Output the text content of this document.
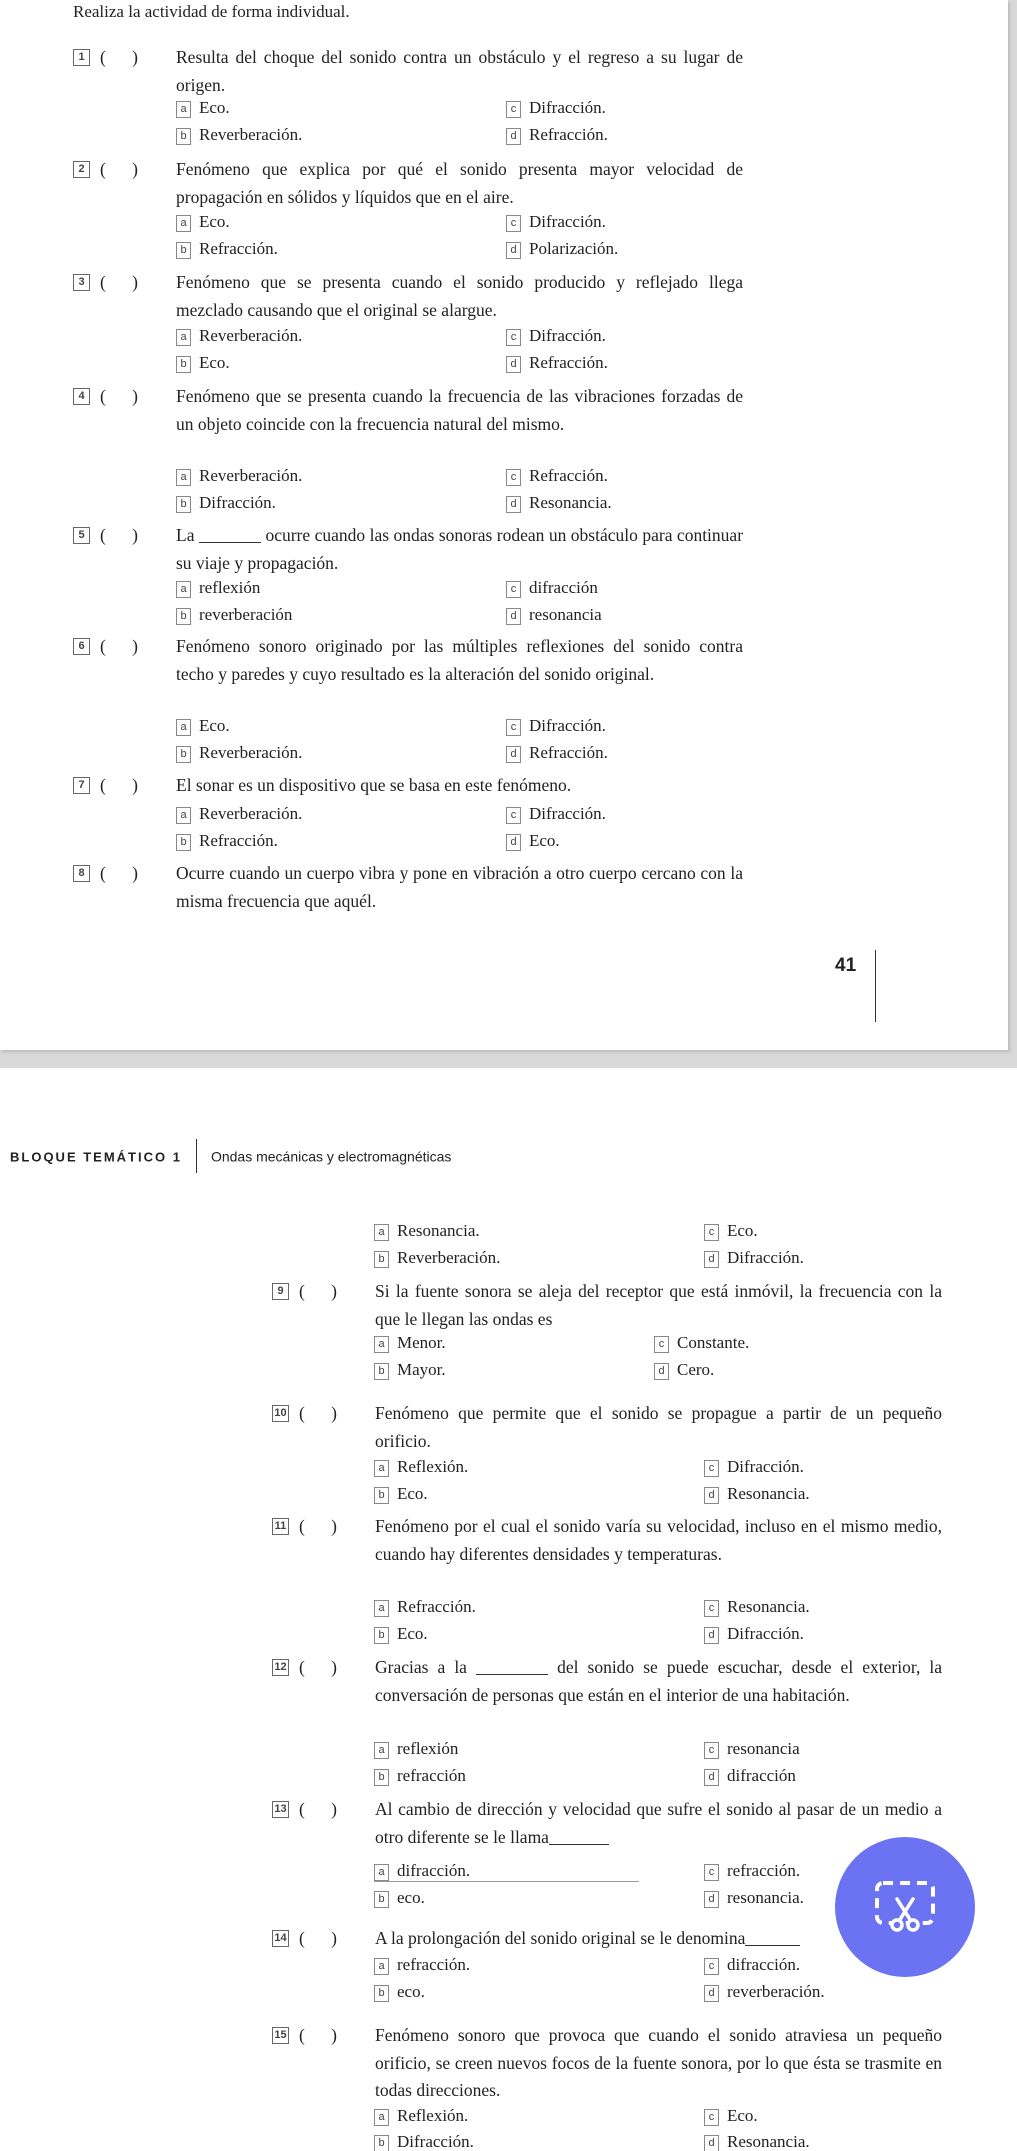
Realiza la actividad de forma individual.
1 (      ) Resulta del choque del sonido contra un obstáculo y el regreso a su lugar de origen.
a Eco.	c Difracción.
b Reverberación.	d Refracción.
2 (      ) Fenómeno que explica por qué el sonido presenta mayor velocidad de propagación en sólidos y líquidos que en el aire.
a Eco.	c Difracción.
b Refracción.	d Polarización.
3 (      ) Fenómeno que se presenta cuando el sonido producido y reflejado llega mezclado causando que el original se alargue.
a Reverberación.	c Difracción.
b Eco.	d Refracción.
4 (      ) Fenómeno que se presenta cuando la frecuencia de las vibraciones forzadas de un objeto coincide con la frecuencia natural del mismo.
a Reverberación.	c Refracción.
b Difracción.	d Resonancia.
5 (      ) La	ocurre cuando las ondas sonoras rodean un obstáculo para continuar su viaje y propagación.
a reflexión	c difracción
b reverberación	d resonancia
6 (      ) Fenómeno sonoro originado por las múltiples reflexiones del sonido contra techo y paredes y cuyo resultado es la alteración del sonido original.
a Eco.	c Difracción.
b Reverberación.	d Refracción.
7 (      ) El sonar es un dispositivo que se basa en este fenómeno.
a Reverberación.	c Difracción.
b Refracción.	d Eco.
8 (      ) Ocurre cuando un cuerpo vibra y pone en vibración a otro cuerpo cercano con la misma frecuencia que aquél.
41
BLOQUE TEMÁTICO 1 Ondas mecánicas y electromagnéticas
a Resonancia.	c Eco.
b Reverberación.	d Difracción.
9 (      ) Si la fuente sonora se aleja del receptor que está inmóvil, la frecuencia con la que le llegan las ondas es
a Menor.	c Constante.
b Mayor.	d Cero.
10 (      ) Fenómeno que permite que el sonido se propague a partir de un pequeño orificio.
a Reflexión.	c Difracción.
b Eco.	d Resonancia.
11 (      ) Fenómeno por el cual el sonido varía su velocidad, incluso en el mismo medio, cuando hay diferentes densidades y temperaturas.
a Refracción.	c Resonancia.
b Eco.	d Difracción.
12 (      ) Gracias a la	del sonido se puede escuchar, desde el exterior, la conversación de personas que están en el interior de una habitación.
a reflexión	c resonancia
b refracción	d difracción
13 (      ) Al cambio de dirección y velocidad que sufre el sonido al pasar de un medio a otro diferente se le llama
a difracción.	c refracción.
b eco.	d resonancia.
14 (      ) A la prolongación del sonido original se le denomina
a refracción.	c difracción.
b eco.	d reverberación.
15 (      ) Fenómeno sonoro que provoca que cuando el sonido atraviesa un pequeño orificio, se creen nuevos focos de la fuente sonora, por lo que ésta se trasmite en todas direcciones.
a Reflexión.	c Eco.
b Difracción.	d Resonancia.
